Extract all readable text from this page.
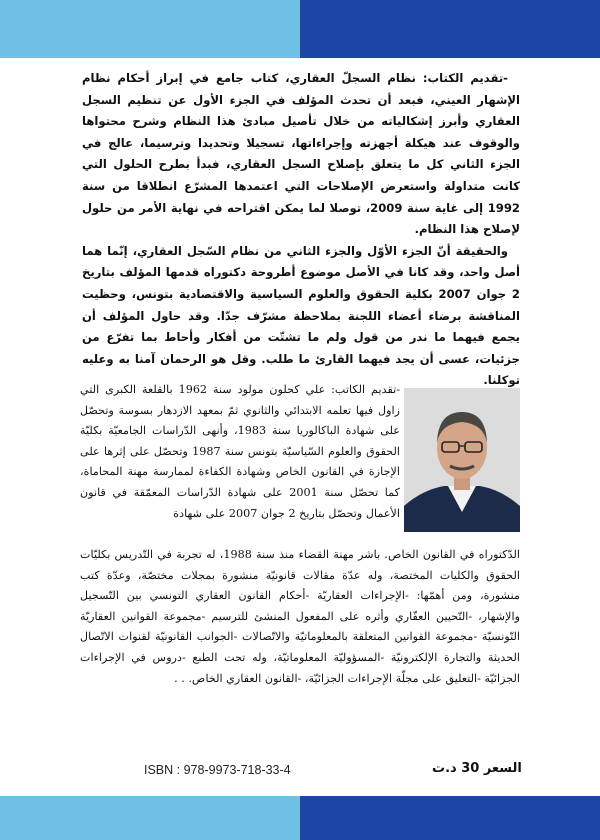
-تقديم الكتاب: نظام السجلّ العقاري، كتاب جامع في إبراز أحكام نظام الإشهار العيني، فبعد أن تحدث المؤلف في الجزء الأول عن تنظيم السجل العقاري وأبرز إشكالياته من خلال تأصيل مبادئ هذا النظام وشرح محتواها والوقوف عند هيكلة أجهزته وإجراءاتها، تسجيلا وتحديدا وترسيما، عالج في الجزء الثاني كل ما يتعلق بإصلاح السجل العقاري، فبدأ بطرح الحلول التي كانت متداولة واستعرض الإصلاحات التي اعتمدها المشرّع انطلاقا من سنة 1992 إلى غاية سنة 2009، توصلا لما يمكن اقتراحه في نهاية الأمر من حلول لإصلاح هذا النظام.

والحقيقة أنّ الجزء الأوّل والجزء الثاني من نظام السّجل العقاري، إنّما هما أصل واحد، وقد كانا في الأصل موضوع أطروحة دكتوراه قدمها المؤلف بتاريخ 2 جوان 2007 بكلية الحقوق والعلوم السياسية والاقتصادية بتونس، وحظيت المناقشة برضاء أعضاء اللجنة بملاحظة مشرّف جدّا. وقد حاول المؤلف أن يجمع فيهما ما ندر من قول ولم ما تشتّت من أفكار وأحاط بما تفرّع من جزئيات، عسى أن يجد فيهما القارئ ما طلب. وقل هو الرحمان آمنا به وعليه توكلنا.

-تقديم الكاتب: علي كحلون مولود سنة 1962 بالقلعة الكبرى التي زاول فيها تعلمه الابتدائي والثانوي ثمّ بمعهد الازدهار بسوسة وتحصّل على شهادة الباكالوريا سنة 1983، وأنهى الدّراسات الجامعيّة بكليّة الحقوق والعلوم السّياسيّة بتونس سنة 1987 وتحصّل على إثرها على الإجازة في القانون الخاص وشهادة الكفاءة لممارسة مهنة المحاماة، كما تحصّل سنة 2001 على شهادة الدّراسات المعمّقة في قانون الأعمال وتحصّل بتاريخ 2 جوان 2007 على شهادة

الدّكتوراه في القانون الخاص. باشر مهنة القضاء منذ سنة 1988، له تجربة في التّدريس بكليّات الحقوق والكليات المختصة، وله عدّة مقالات قانونيّة منشورة بمجلات مختصّة، وعدّة كتب منشورة، ومن أهمّها: -الإجراءات العقاريّة -أحكام القانون العقاري التونسي بين التّسجيل والإشهار، -التّحيين العقّاري وأثره على المفعول المنشئ للترسيم -مجموعة القوانين العقاريّة التّونسيّة -مجموعة القوانين المتعلقة بالمعلوماتيّة والاتّصالات -الجوانب القانونيّة لقنوات الاتّصال الحديثة والتجارة الإلكترونيّة -المسؤوليّة المعلوماتيّة، وله تحت الطبع -دروس في الإجراءات الجزائيّة -التعليق على مجلّة الإجراءات الجزائيّة، -القانون العقاري الخاص. . .

ISBN : 978-9973-718-33-4	السعر 30 د.ت
